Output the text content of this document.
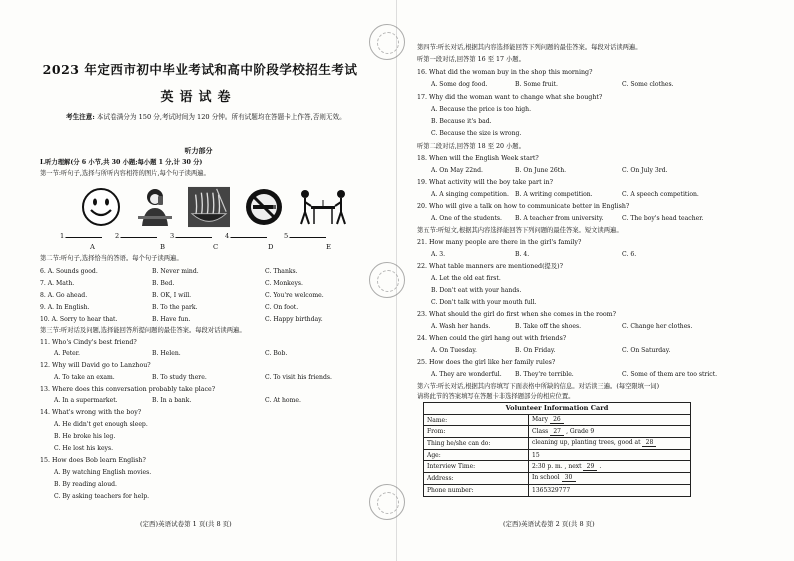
2023 年定西市初中毕业考试和高中阶段学校招生考试
英语试卷
考生注意: 本试卷满分为 150 分,考试时间为 120 分钟。所有试题均在答题卡上作答,否则无效。
听力部分
Ⅰ.听力理解(分 6 小节,共 30 小题;每小题 1 分,计 30 分)
第一节:听句子,选择与所听内容相符的图片,每个句子读两遍。
1.	2.	3.	4.	5.
A	B	C	D	E
第二节:听句子,选择恰当的答语。每个句子读两遍。
6. A. Sounds good.	B. Never mind.	C. Thanks.
7. A. Math.	B. Bed.	C. Monkeys.
8. A. Go ahead.	B. OK, I will.	C. You're welcome.
9. A. In English.	B. To the park.	C. On foot.
10. A. Sorry to hear that.	B. Have fun.	C. Happy birthday.
第三节:听对话及问题,选择能回答所提问题的最佳答案。每段对话读两遍。
11. Who's Cindy's best friend?
A. Peter.	B. Helen.	C. Bob.
12. Why will David go to Lanzhou?
A. To take an exam.	B. To study there.	C. To visit his friends.
13. Where does this conversation probably take place?
A. In a supermarket.	B. In a bank.	C. At home.
14. What's wrong with the boy?
A. He didn't get enough sleep.
B. He broke his leg.
C. He lost his keys.
15. How does Bob learn English?
A. By watching English movies.
B. By reading aloud.
C. By asking teachers for help.
(定西)英语试卷第 1 页(共 8 页)
第四节:听长对话,根据其内容选择能回答下列问题的最佳答案。每段对话读两遍。
听第一段对话,回答第 16 至 17 小题。
16. What did the woman buy in the shop this morning?
A. Some dog food.	B. Some fruit.	C. Some clothes.
17. Why did the woman want to change what she bought?
A. Because the price is too high.
B. Because it's bad.
C. Because the size is wrong.
听第二段对话,回答第 18 至 20 小题。
18. When will the English Week start?
A. On May 22nd.	B. On June 26th.	C. On July 3rd.
19. What activity will the boy take part in?
A. A singing competition. B. A writing competition.	C. A speech competition.
20. Who will give a talk on how to communicate better in English?
A. One of the students. B. A teacher from university.	C. The boy's head teacher.
第五节:听短文,根据其内容选择能回答下列问题的最佳答案。短文读两遍。
21. How many people are there in the girl's family?
A. 3.	B. 4.	C. 6.
22. What table manners are mentioned(提及)?
A. Let the old eat first.
B. Don't eat with your hands.
C. Don't talk with your mouth full.
23. What should the girl do first when she comes in the room?
A. Wash her hands.	B. Take off the shoes.	C. Change her clothes.
24. When could the girl hang out with friends?
A. On Tuesday.	B. On Friday.	C. On Saturday.
25. How does the girl like her family rules?
A. They are wonderful. B. They're terrible.	C. Some of them are too strict.
第六节:听长对话,根据其内容填写下面表格中所缺的信息。对话读三遍。(每空限填一词)
请将此节的答案填写在答题卡非选择题部分的相应位置。
Volunteer Information Card	
Name:	Mary 26
From:	Class 27 , Grade 9
Thing he/she can do:	cleaning up, planting trees, good at 28
Age:	15
Interview Time:	2:30 p. m. , next 29 .
Address:	In school 30
Phone number:	1365329777
(定西)英语试卷第 2 页(共 8 页)
